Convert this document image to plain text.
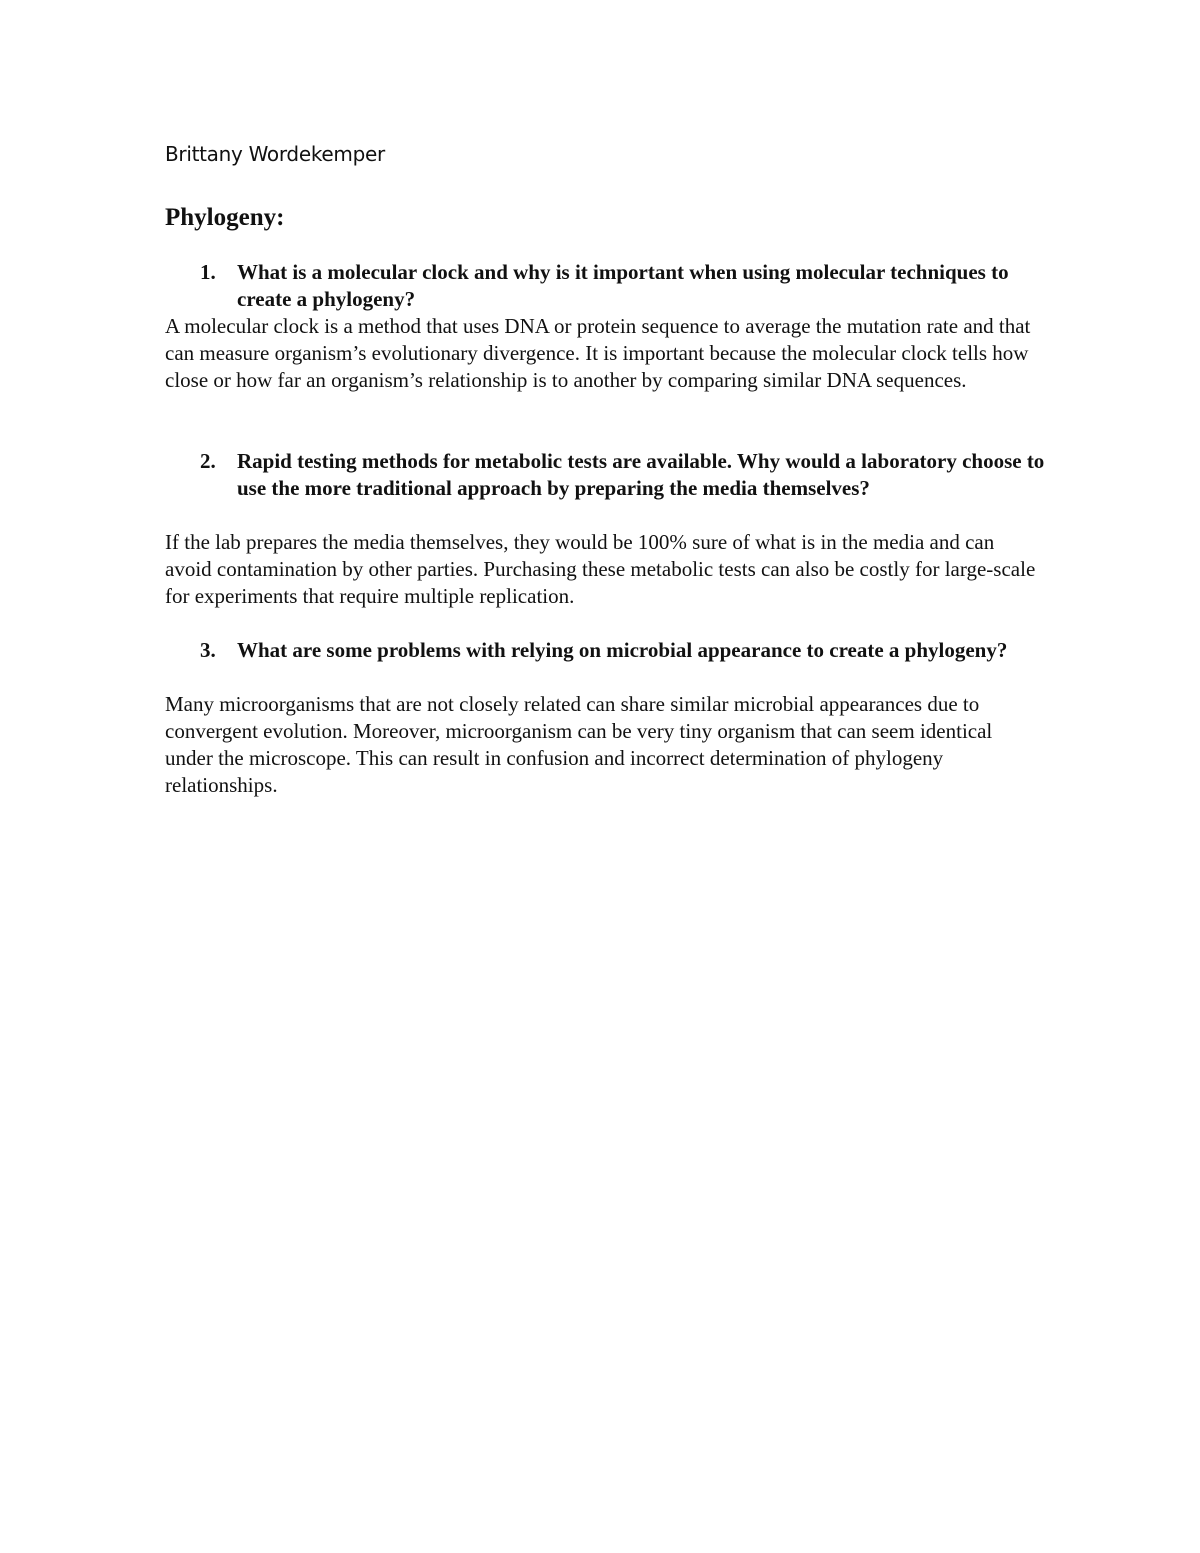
Brittany Wordekemper
Phylogeny:
1. What is a molecular clock and why is it important when using molecular techniques to create a phylogeny?
A molecular clock is a method that uses DNA or protein sequence to average the mutation rate and that can measure organism’s evolutionary divergence. It is important because the molecular clock tells how close or how far an organism’s relationship is to another by comparing similar DNA sequences.
2. Rapid testing methods for metabolic tests are available. Why would a laboratory choose to use the more traditional approach by preparing the media themselves?
If the lab prepares the media themselves, they would be 100% sure of what is in the media and can avoid contamination by other parties. Purchasing these metabolic tests can also be costly for large-scale for experiments that require multiple replication.
3. What are some problems with relying on microbial appearance to create a phylogeny?
Many microorganisms that are not closely related can share similar microbial appearances due to convergent evolution. Moreover, microorganism can be very tiny organism that can seem identical under the microscope. This can result in confusion and incorrect determination of phylogeny relationships.
